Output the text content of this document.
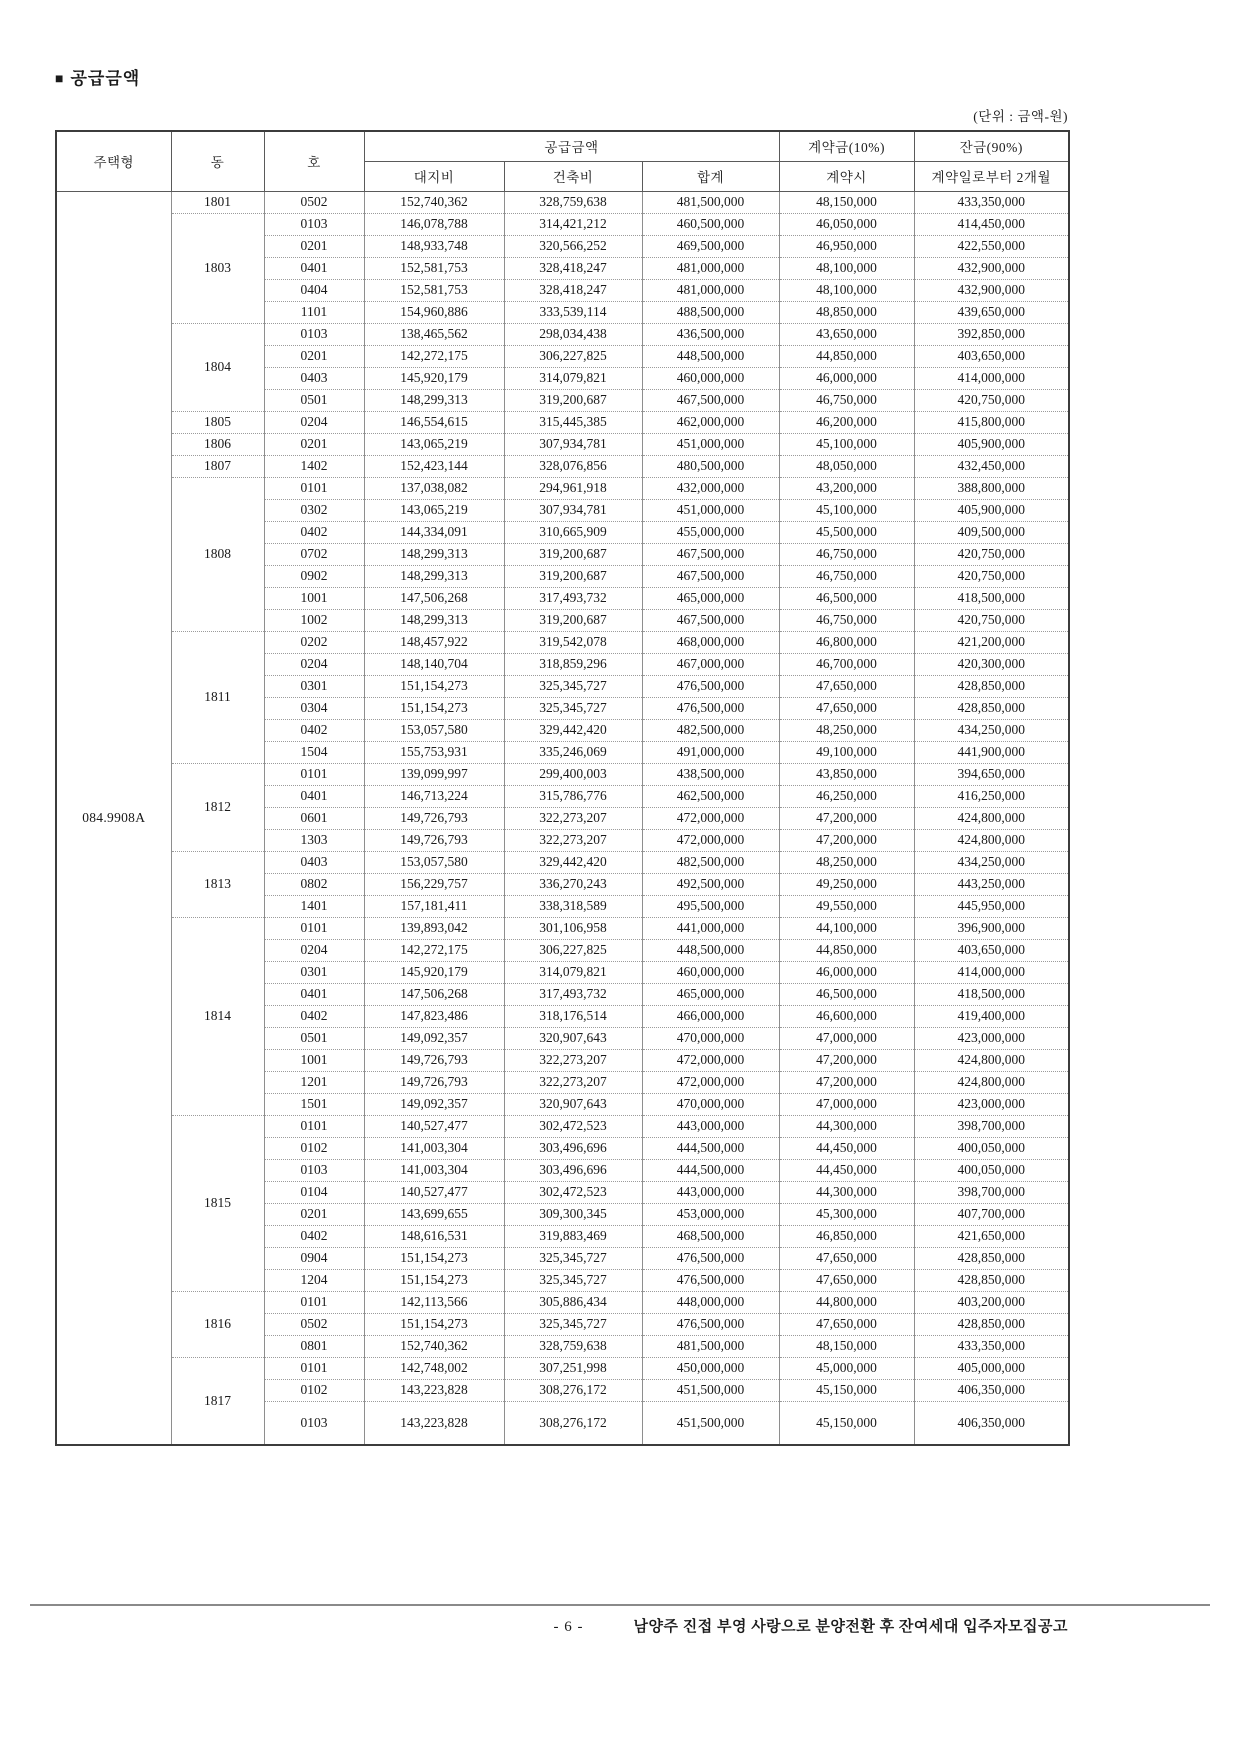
■ 공급금액
(단위 : 금액-원)
주택형	동	호	공급금액			계약금(10%)	잔금(90%)
			대지비	건축비	합계	계약시	계약일로부터 2개월
084.9908A	1801	0502	152,740,362	328,759,638	481,500,000	48,150,000	433,350,000
	1803	0103	146,078,788	314,421,212	460,500,000	46,050,000	414,450,000
		0201	148,933,748	320,566,252	469,500,000	46,950,000	422,550,000
		0401	152,581,753	328,418,247	481,000,000	48,100,000	432,900,000
		0404	152,581,753	328,418,247	481,000,000	48,100,000	432,900,000
		1101	154,960,886	333,539,114	488,500,000	48,850,000	439,650,000
	1804	0103	138,465,562	298,034,438	436,500,000	43,650,000	392,850,000
		0201	142,272,175	306,227,825	448,500,000	44,850,000	403,650,000
		0403	145,920,179	314,079,821	460,000,000	46,000,000	414,000,000
		0501	148,299,313	319,200,687	467,500,000	46,750,000	420,750,000
	1805	0204	146,554,615	315,445,385	462,000,000	46,200,000	415,800,000
	1806	0201	143,065,219	307,934,781	451,000,000	45,100,000	405,900,000
	1807	1402	152,423,144	328,076,856	480,500,000	48,050,000	432,450,000
	1808	0101	137,038,082	294,961,918	432,000,000	43,200,000	388,800,000
		0302	143,065,219	307,934,781	451,000,000	45,100,000	405,900,000
		0402	144,334,091	310,665,909	455,000,000	45,500,000	409,500,000
		0702	148,299,313	319,200,687	467,500,000	46,750,000	420,750,000
		0902	148,299,313	319,200,687	467,500,000	46,750,000	420,750,000
		1001	147,506,268	317,493,732	465,000,000	46,500,000	418,500,000
		1002	148,299,313	319,200,687	467,500,000	46,750,000	420,750,000
	1811	0202	148,457,922	319,542,078	468,000,000	46,800,000	421,200,000
		0204	148,140,704	318,859,296	467,000,000	46,700,000	420,300,000
		0301	151,154,273	325,345,727	476,500,000	47,650,000	428,850,000
		0304	151,154,273	325,345,727	476,500,000	47,650,000	428,850,000
		0402	153,057,580	329,442,420	482,500,000	48,250,000	434,250,000
		1504	155,753,931	335,246,069	491,000,000	49,100,000	441,900,000
	1812	0101	139,099,997	299,400,003	438,500,000	43,850,000	394,650,000
		0401	146,713,224	315,786,776	462,500,000	46,250,000	416,250,000
		0601	149,726,793	322,273,207	472,000,000	47,200,000	424,800,000
		1303	149,726,793	322,273,207	472,000,000	47,200,000	424,800,000
	1813	0403	153,057,580	329,442,420	482,500,000	48,250,000	434,250,000
		0802	156,229,757	336,270,243	492,500,000	49,250,000	443,250,000
		1401	157,181,411	338,318,589	495,500,000	49,550,000	445,950,000
	1814	0101	139,893,042	301,106,958	441,000,000	44,100,000	396,900,000
		0204	142,272,175	306,227,825	448,500,000	44,850,000	403,650,000
		0301	145,920,179	314,079,821	460,000,000	46,000,000	414,000,000
		0401	147,506,268	317,493,732	465,000,000	46,500,000	418,500,000
		0402	147,823,486	318,176,514	466,000,000	46,600,000	419,400,000
		0501	149,092,357	320,907,643	470,000,000	47,000,000	423,000,000
		1001	149,726,793	322,273,207	472,000,000	47,200,000	424,800,000
		1201	149,726,793	322,273,207	472,000,000	47,200,000	424,800,000
		1501	149,092,357	320,907,643	470,000,000	47,000,000	423,000,000
	1815	0101	140,527,477	302,472,523	443,000,000	44,300,000	398,700,000
		0102	141,003,304	303,496,696	444,500,000	44,450,000	400,050,000
		0103	141,003,304	303,496,696	444,500,000	44,450,000	400,050,000
		0104	140,527,477	302,472,523	443,000,000	44,300,000	398,700,000
		0201	143,699,655	309,300,345	453,000,000	45,300,000	407,700,000
		0402	148,616,531	319,883,469	468,500,000	46,850,000	421,650,000
		0904	151,154,273	325,345,727	476,500,000	47,650,000	428,850,000
		1204	151,154,273	325,345,727	476,500,000	47,650,000	428,850,000
	1816	0101	142,113,566	305,886,434	448,000,000	44,800,000	403,200,000
		0502	151,154,273	325,345,727	476,500,000	47,650,000	428,850,000
		0801	152,740,362	328,759,638	481,500,000	48,150,000	433,350,000
	1817	0101	142,748,002	307,251,998	450,000,000	45,000,000	405,000,000
		0102	143,223,828	308,276,172	451,500,000	45,150,000	406,350,000
		0103	143,223,828	308,276,172	451,500,000	45,150,000	406,350,000
- 6 -	남양주 진접 부영 사랑으로 분양전환 후 잔여세대 입주자모집공고
